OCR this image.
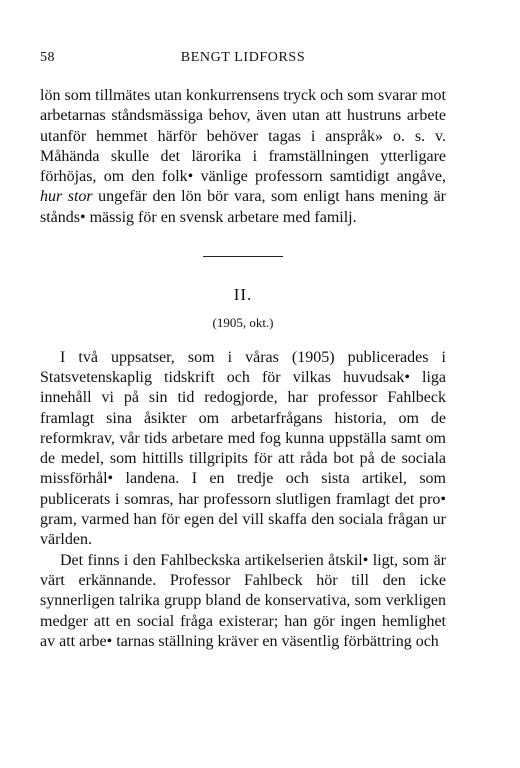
58	BENGT LIDFORSS

lön som tillmätes utan konkurrensens tryck och som svarar mot arbetarnas ståndsmässiga behov, även utan att hustruns arbete utanför hemmet härför behöver tagas i anspråk» o. s. v. Måhända skulle det lärorika i framställningen ytterligare förhöjas, om den folk• vänlige professorn samtidigt angåve, hur stor ungefär den lön bör vara, som enligt hans mening är stånds• mässig för en svensk arbetare med familj.

II.
(1905, okt.)

I två uppsatser, som i våras (1905) publicerades i Statsvetenskaplig tidskrift och för vilkas huvudsak• liga innehåll vi på sin tid redogjorde, har professor Fahlbeck framlagt sina åsikter om arbetarfrågans historia, om de reformkrav, vår tids arbetare med fog kunna uppställa samt om de medel, som hittills tillgripits för att råda bot på de sociala missförhål• landena. I en tredje och sista artikel, som publicerats i somras, har professorn slutligen framlagt det pro• gram, varmed han för egen del vill skaffa den sociala frågan ur världen.

Det finns i den Fahlbeckska artikelserien åtskil• ligt, som är värt erkännande. Professor Fahlbeck hör till den icke synnerligen talrika grupp bland de konservativa, som verkligen medger att en social fråga existerar; han gör ingen hemlighet av att arbe• tarnas ställning kräver en väsentlig förbättring och
